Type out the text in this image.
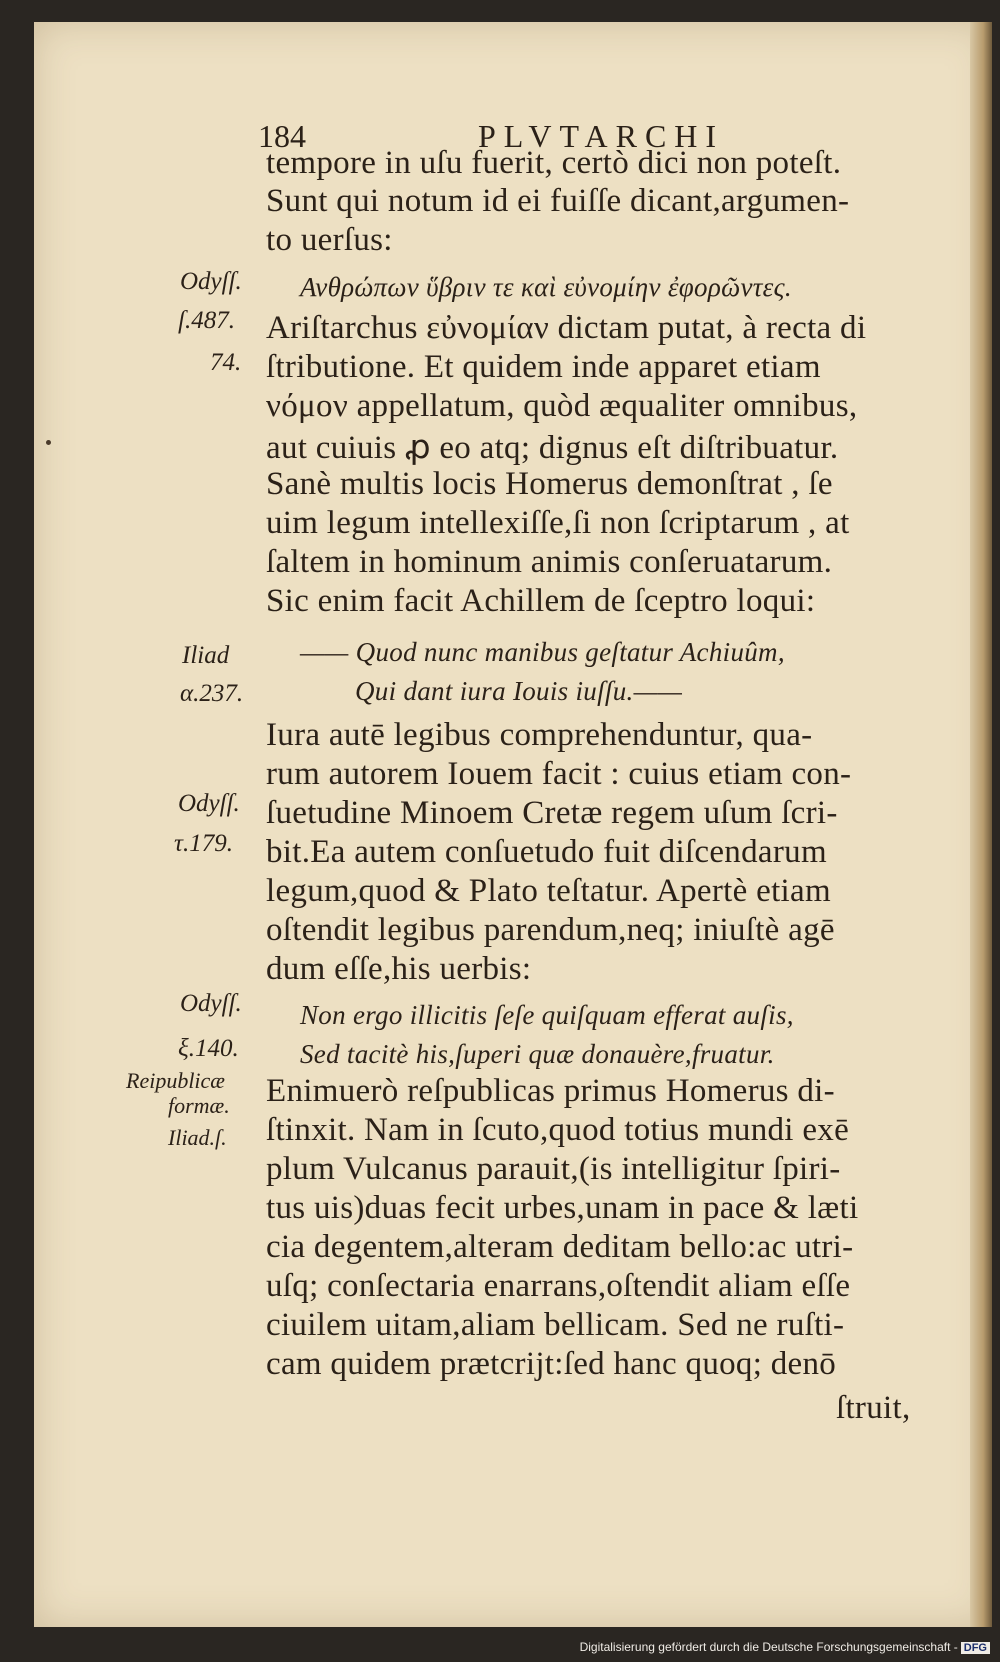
184	PLVTARCHI
tempore in uſu fuerit, certò dici non poteſt.
Sunt qui notum id ei fuiſſe dicant,argumen-
to uerſus:
Ανθρώπων ὕβριν τε καὶ εὐνομίην ἐφορῶντες.
Ariſtarchus εὐνομίαν dictam putat, à recta di
ſtributione. Et quidem inde apparet etiam
νόμον appellatum, quòd æqualiter omnibus,
aut cuiuis ꝓ eo atq; dignus eſt diſtribuatur.
Sanè multis locis Homerus demonſtrat , ſe
uim legum intellexiſſe,ſi non ſcriptarum , at
ſaltem in hominum animis conſeruatarum.
Sic enim facit Achillem de ſceptro loqui:
—— Quod nunc manibus geſtatur Achiuûm,
Qui dant iura Iouis iuſſu.——
Iura autē legibus comprehenduntur, qua-
rum autorem Iouem facit : cuius etiam con-
ſuetudine Minoem Cretæ regem uſum ſcri-
bit.Ea autem conſuetudo fuit diſcendarum
legum,quod & Plato teſtatur. Apertè etiam
oſtendit legibus parendum,neq; iniuſtè agē
dum eſſe,his uerbis:
Non ergo illicitis ſeſe quiſquam efferat auſis,
Sed tacitè his,ſuperi quæ donauère,fruatur.
Enimuerò reſpublicas primus Homerus di-
ſtinxit. Nam in ſcuto,quod totius mundi exē
plum Vulcanus parauit,(is intelligitur ſpiri-
tus uis)duas fecit urbes,unam in pace & læti
cia degentem,alteram deditam bello:ac utri-
uſq; conſectaria enarrans,oſtendit aliam eſſe
ciuilem uitam,aliam bellicam. Sed ne ruſti-
cam quidem prætcrijt:ſed hanc quoq; denō
ſtruit,
Odyſſ.
ſ.487.
74.
Iliad
α.237.
Odyſſ.
τ.179.
Odyſſ.
ξ.140.
Reipublicæ
formæ.
Iliad.ſ.
Digitalisierung gefördert durch die Deutsche Forschungsgemeinschaft - DFG
